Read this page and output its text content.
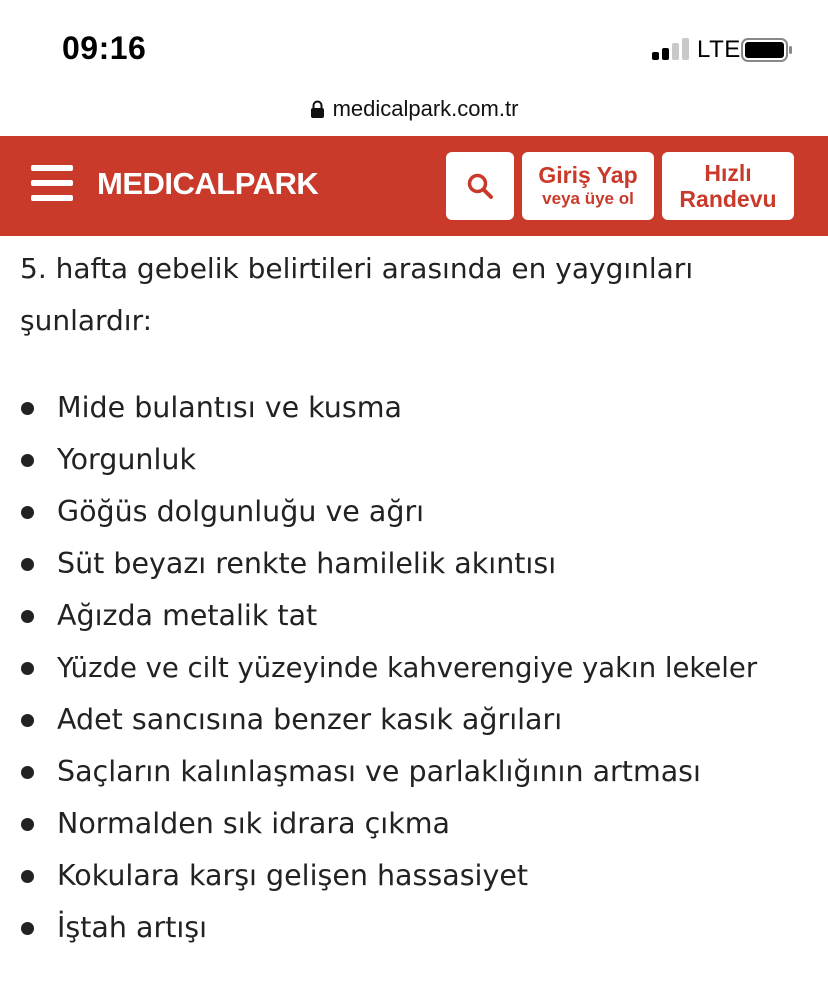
09:16	LTE
medicalpark.com.tr
MEDICALPARK	Giriş Yap
veya üye ol
Hızlı
Randevu

5. hafta gebelik belirtileri arasında en yaygınları şunlardır:

Mide bulantısı ve kusma
Yorgunluk
Göğüs dolgunluğu ve ağrı
Süt beyazı renkte hamilelik akıntısı
Ağızda metalik tat
Yüzde ve cilt yüzeyinde kahverengiye yakın lekeler
Adet sancısına benzer kasık ağrıları
Saçların kalınlaşması ve parlaklığının artması
Normalden sık idrara çıkma
Kokulara karşı gelişen hassasiyet
İştah artışı
